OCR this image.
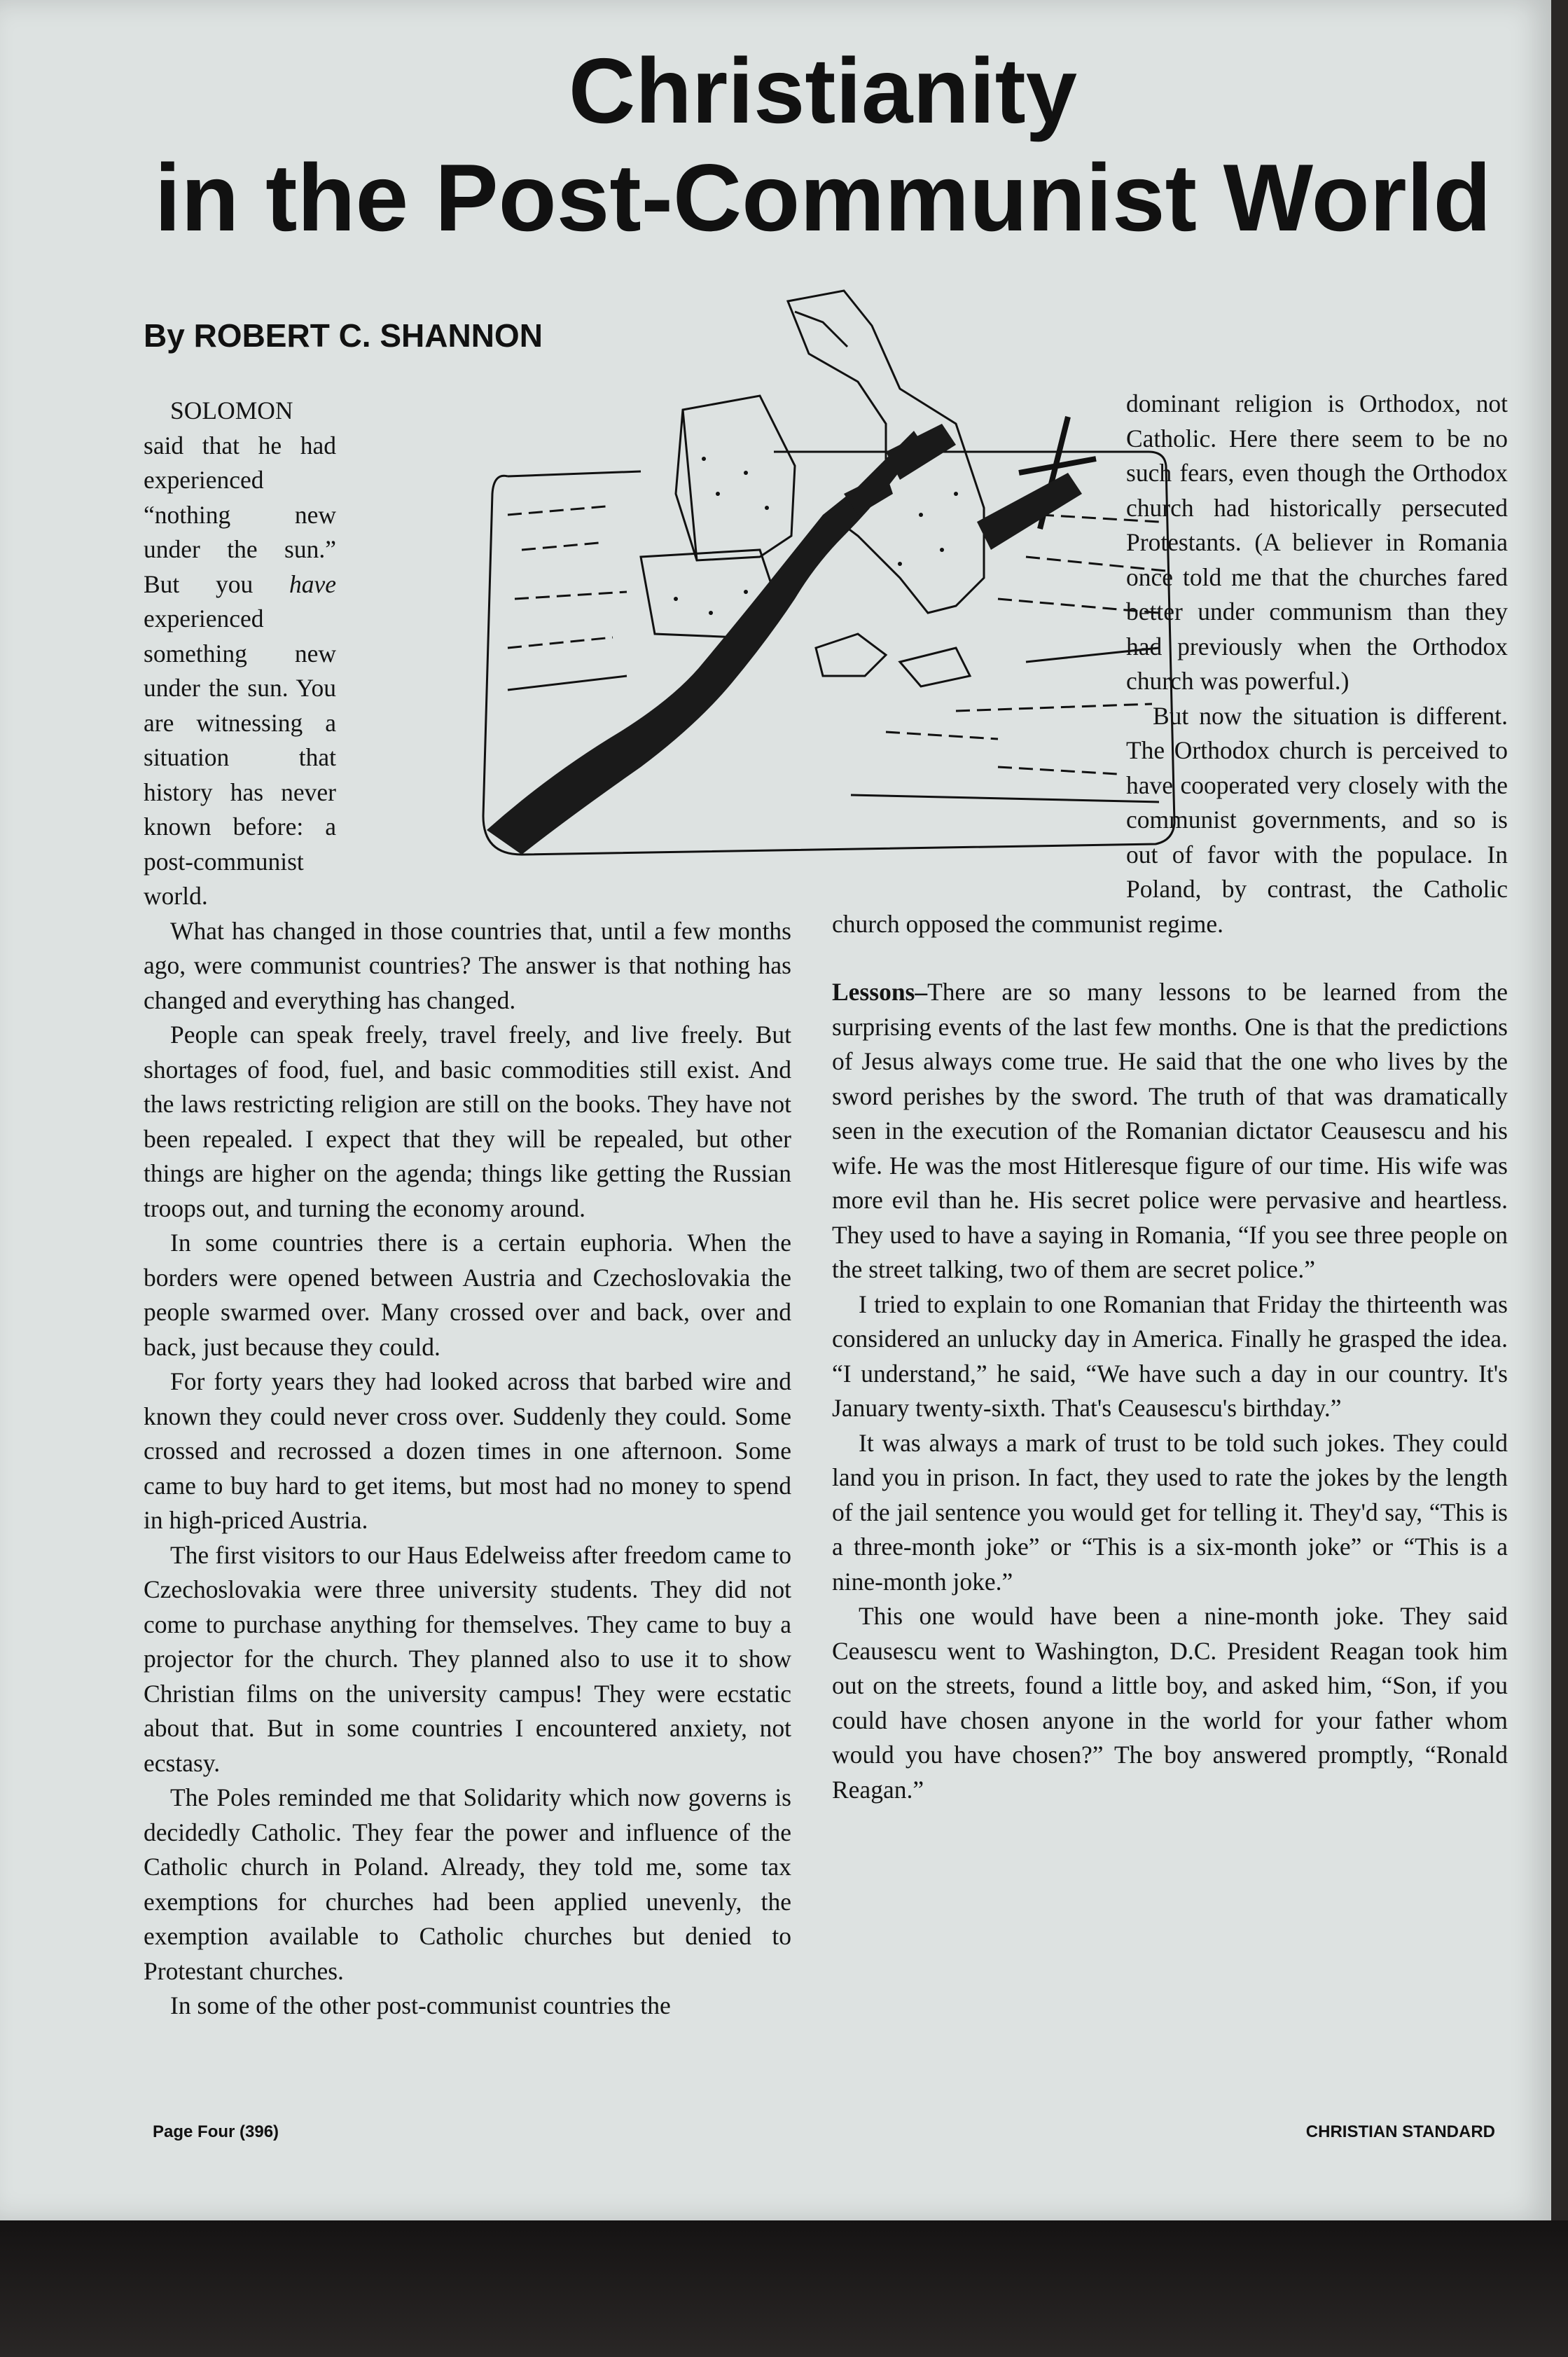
Christianity
in the Post-Communist World
By ROBERT C. SHANNON

SOLOMON said that he had experienced “nothing new under the sun.” But you have experienced something new under the sun. You are witnessing a situation that history has never known before: a post-communist world.

What has changed in those countries that, until a few months ago, were communist countries? The answer is that nothing has changed and everything has changed.

People can speak freely, travel freely, and live freely. But shortages of food, fuel, and basic commodities still exist. And the laws restricting religion are still on the books. They have not been repealed. I expect that they will be repealed, but other things are higher on the agenda; things like getting the Russian troops out, and turning the economy around.

In some countries there is a certain euphoria. When the borders were opened between Austria and Czechoslovakia the people swarmed over. Many crossed over and back, over and back, just because they could.

For forty years they had looked across that barbed wire and known they could never cross over. Suddenly they could. Some crossed and recrossed a dozen times in one afternoon. Some came to buy hard to get items, but most had no money to spend in high-priced Austria.

The first visitors to our Haus Edelweiss after freedom came to Czechoslovakia were three university students. They did not come to purchase anything for themselves. They came to buy a projector for the church. They planned also to use it to show Christian films on the university campus! They were ecstatic about that. But in some countries I encountered anxiety, not ecstasy.

The Poles reminded me that Solidarity which now governs is decidedly Catholic. They fear the power and influence of the Catholic church in Poland. Already, they told me, some tax exemptions for churches had been applied unevenly, the exemption available to Catholic churches but denied to Protestant churches.

In some of the other post-communist countries the

dominant religion is Orthodox, not Catholic. Here there seem to be no such fears, even though the Orthodox church had historically persecuted Protestants. (A believer in Romania once told me that the churches fared better under communism than they had previously when the Orthodox church was powerful.)

But now the situation is different. The Orthodox church is perceived to have cooperated very closely with the communist governments, and so is out of favor with the populace. In Poland, by contrast, the Catholic church opposed the communist regime.

Lessons–There are so many lessons to be learned from the surprising events of the last few months. One is that the predictions of Jesus always come true. He said that the one who lives by the sword perishes by the sword. The truth of that was dramatically seen in the execution of the Romanian dictator Ceausescu and his wife. He was the most Hitleresque figure of our time. His wife was more evil than he. His secret police were pervasive and heartless. They used to have a saying in Romania, “If you see three people on the street talking, two of them are secret police.”

I tried to explain to one Romanian that Friday the thirteenth was considered an unlucky day in America. Finally he grasped the idea. “I understand,” he said, “We have such a day in our country. It's January twenty-sixth. That's Ceausescu's birthday.”

It was always a mark of trust to be told such jokes. They could land you in prison. In fact, they used to rate the jokes by the length of the jail sentence you would get for telling it. They'd say, “This is a three-month joke” or “This is a six-month joke” or “This is a nine-month joke.”

This one would have been a nine-month joke. They said Ceausescu went to Washington, D.C. President Reagan took him out on the streets, found a little boy, and asked him, “Son, if you could have chosen anyone in the world for your father whom would you have chosen?” The boy answered promptly, “Ronald Reagan.”

Page Four (396)	CHRISTIAN STANDARD
